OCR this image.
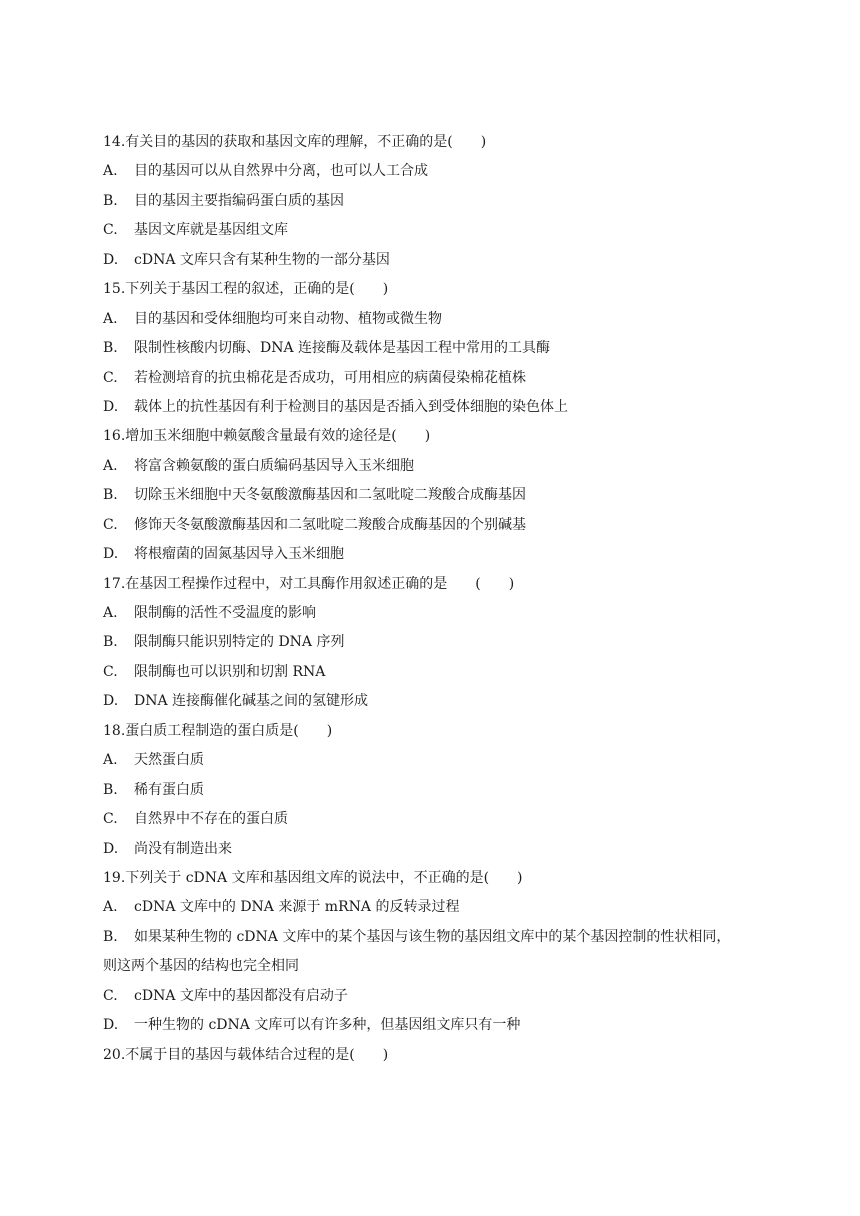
14.有关目的基因的获取和基因文库的理解，不正确的是(　　)
A. 目的基因可以从自然界中分离，也可以人工合成
B. 目的基因主要指编码蛋白质的基因
C. 基因文库就是基因组文库
D. cDNA 文库只含有某种生物的一部分基因
15.下列关于基因工程的叙述，正确的是(　　)
A. 目的基因和受体细胞均可来自动物、植物或微生物
B. 限制性核酸内切酶、DNA 连接酶及载体是基因工程中常用的工具酶
C. 若检测培育的抗虫棉花是否成功，可用相应的病菌侵染棉花植株
D. 载体上的抗性基因有利于检测目的基因是否插入到受体细胞的染色体上
16.增加玉米细胞中赖氨酸含量最有效的途径是(　　)
A. 将富含赖氨酸的蛋白质编码基因导入玉米细胞
B. 切除玉米细胞中天冬氨酸激酶基因和二氢吡啶二羧酸合成酶基因
C. 修饰天冬氨酸激酶基因和二氢吡啶二羧酸合成酶基因的个别碱基
D. 将根瘤菌的固氮基因导入玉米细胞
17.在基因工程操作过程中，对工具酶作用叙述正确的是　　(　　)
A. 限制酶的活性不受温度的影响
B. 限制酶只能识别特定的 DNA 序列
C. 限制酶也可以识别和切割 RNA
D. DNA 连接酶催化碱基之间的氢键形成
18.蛋白质工程制造的蛋白质是(　　)
A. 天然蛋白质
B. 稀有蛋白质
C. 自然界中不存在的蛋白质
D. 尚没有制造出来
19.下列关于 cDNA 文库和基因组文库的说法中，不正确的是(　　)
A. cDNA 文库中的 DNA 来源于 mRNA 的反转录过程
B. 如果某种生物的 cDNA 文库中的某个基因与该生物的基因组文库中的某个基因控制的性状相同，
则这两个基因的结构也完全相同
C. cDNA 文库中的基因都没有启动子
D. 一种生物的 cDNA 文库可以有许多种，但基因组文库只有一种
20.不属于目的基因与载体结合过程的是(　　)
